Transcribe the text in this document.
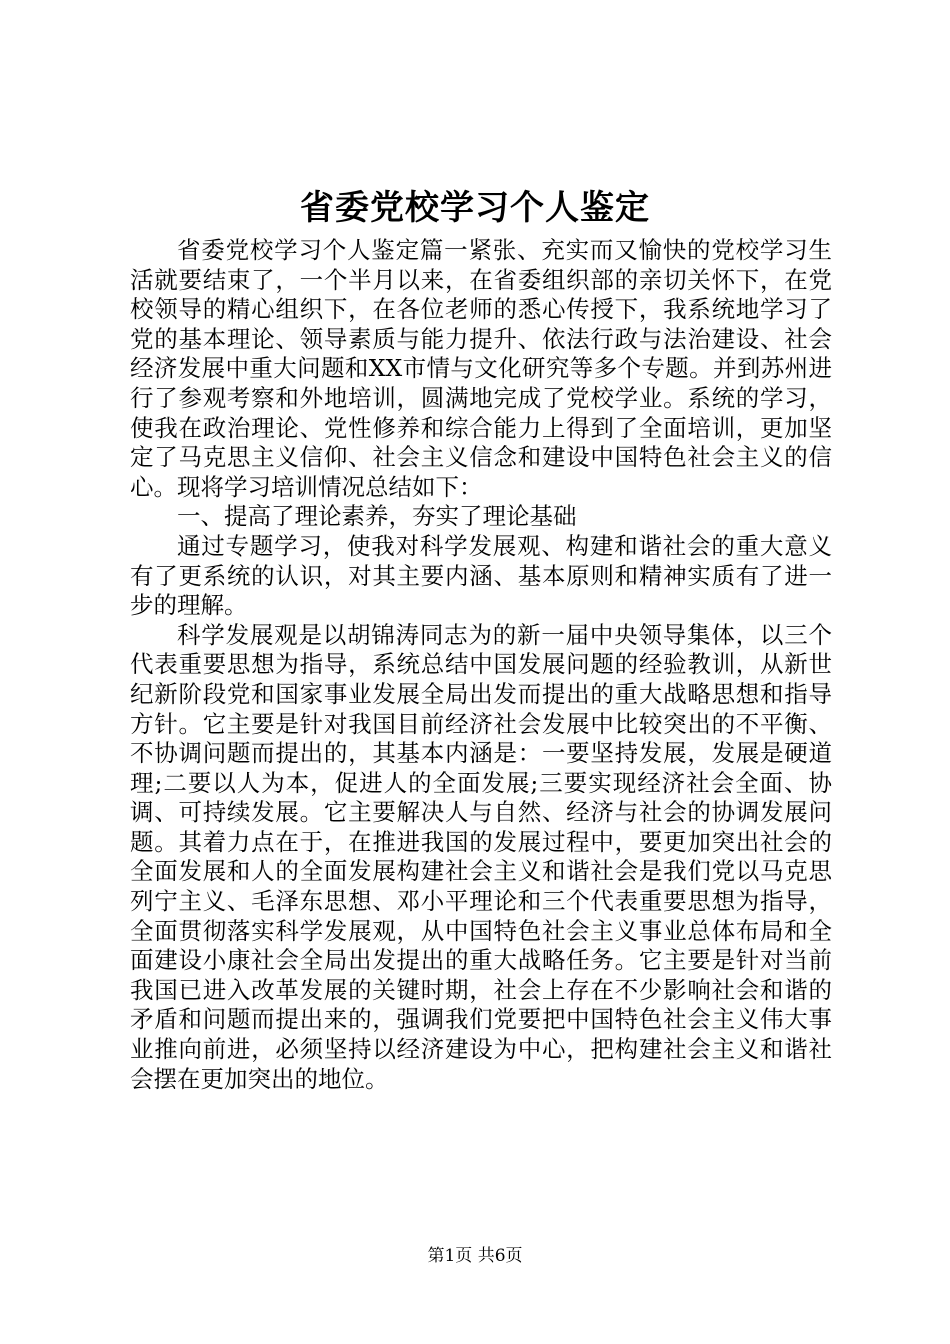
省委党校学习个人鉴定

省委党校学习个人鉴定篇一紧张、充实而又愉快的党校学习生活就要结束了，一个半月以来，在省委组织部的亲切关怀下，在党校领导的精心组织下，在各位老师的悉心传授下，我系统地学习了党的基本理论、领导素质与能力提升、依法行政与法治建设、社会经济发展中重大问题和XX市情与文化研究等多个专题。并到苏州进行了参观考察和外地培训，圆满地完成了党校学业。系统的学习，使我在政治理论、党性修养和综合能力上得到了全面培训，更加坚定了马克思主义信仰、社会主义信念和建设中国特色社会主义的信心。现将学习培训情况总结如下：

一、提高了理论素养，夯实了理论基础

通过专题学习，使我对科学发展观、构建和谐社会的重大意义有了更系统的认识，对其主要内涵、基本原则和精神实质有了进一步的理解。

科学发展观是以胡锦涛同志为的新一届中央领导集体，以三个代表重要思想为指导，系统总结中国发展问题的经验教训，从新世纪新阶段党和国家事业发展全局出发而提出的重大战略思想和指导方针。它主要是针对我国目前经济社会发展中比较突出的不平衡、不协调问题而提出的，其基本内涵是：一要坚持发展，发展是硬道理;二要以人为本，促进人的全面发展;三要实现经济社会全面、协调、可持续发展。它主要解决人与自然、经济与社会的协调发展问题。其着力点在于，在推进我国的发展过程中，要更加突出社会的全面发展和人的全面发展构建社会主义和谐社会是我们党以马克思列宁主义、毛泽东思想、邓小平理论和三个代表重要思想为指导，全面贯彻落实科学发展观，从中国特色社会主义事业总体布局和全面建设小康社会全局出发提出的重大战略任务。它主要是针对当前我国已进入改革发展的关键时期，社会上存在不少影响社会和谐的矛盾和问题而提出来的，强调我们党要把中国特色社会主义伟大事业推向前进，必须坚持以经济建设为中心，把构建社会主义和谐社会摆在更加突出的地位。

第1页 共6页
